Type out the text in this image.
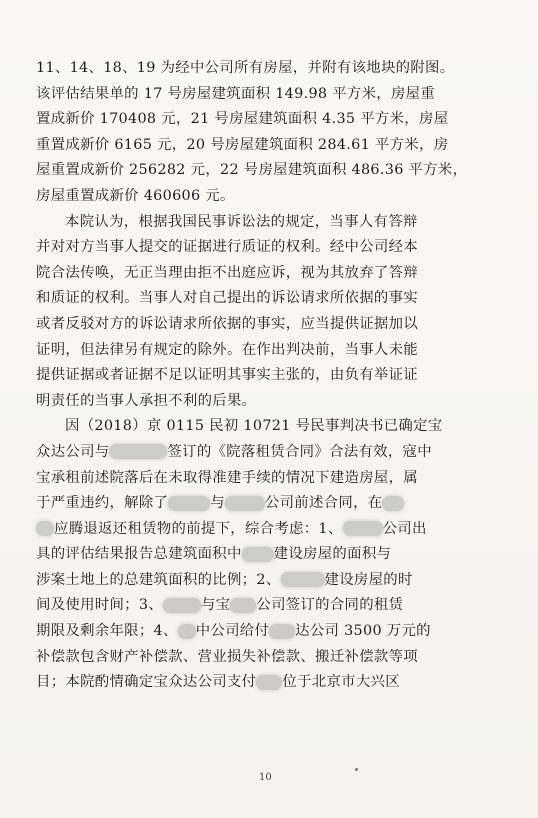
11、14、18、19 为经中公司所有房屋，并附有该地块的附图。
该评估结果单的 17 号房屋建筑面积 149.98 平方米，房屋重
置成新价 170408 元，21 号房屋建筑面积 4.35 平方米，房屋
重置成新价 6165 元，20 号房屋建筑面积 284.61 平方米，房
屋重置成新价 256282 元，22 号房屋建筑面积 486.36 平方米，
房屋重置成新价 460606 元。
本院认为，根据我国民事诉讼法的规定，当事人有答辩
并对对方当事人提交的证据进行质证的权利。经中公司经本
院合法传唤，无正当理由拒不出庭应诉，视为其放弃了答辩
和质证的权利。当事人对自己提出的诉讼请求所依据的事实
或者反驳对方的诉讼请求所依据的事实，应当提供证据加以
证明，但法律另有规定的除外。在作出判决前，当事人未能
提供证据或者证据不足以证明其事实主张的，由负有举证证
明责任的当事人承担不利的后果。
因（2018）京 0115 民初 10721 号民事判决书已确定宝
众达公司与	签订的《院落租赁合同》合法有效，寇中
宝承租前述院落后在未取得准建手续的情况下建造房屋，属
于严重违约，解除了	与	公司前述合同，在
应腾退返还租赁物的前提下，综合考虑：1、	公司出
具的评估结果报告总建筑面积中 建设房屋的面积与
涉案土地上的总建筑面积的比例；2、	建设房屋的时
间及使用时间；3、	与宝 公司签订的合同的租赁
期限及剩余年限；4、 中公司给付 达公司 3500 万元的
补偿款包含财产补偿款、营业损失补偿款、搬迁补偿款等项
目；本院酌情确定宝众达公司支付 位于北京市大兴区
10
